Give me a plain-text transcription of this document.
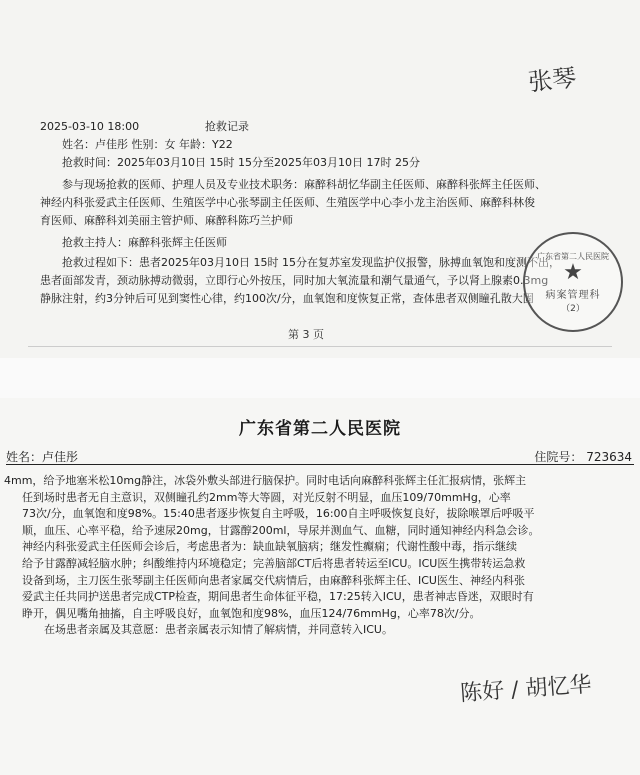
张琴
2025-03-10 18:00	抢救记录
姓名：卢佳彤 性别：女 年龄：Y22
抢救时间：2025年03月10日 15时 15分至2025年03月10日 17时 25分
参与现场抢救的医师、护理人员及专业技术职务：麻醉科胡忆华副主任医师、麻醉科张辉主任医师、
神经内科张爱武主任医师、生殖医学中心张琴副主任医师、生殖医学中心李小龙主治医师、麻醉科林俊
育医师、麻醉科刘美丽主管护师、麻醉科陈巧兰护师
抢救主持人：麻醉科张辉主任医师
抢救过程如下：患者2025年03月10日 15时 15分在复苏室发现监护仪报警，脉搏血氧饱和度测不出，
患者面部发青，颈动脉搏动微弱，立即行心外按压，同时加大氧流量和潮气量通气，予以肾上腺素0.3mg
静脉注射，约3分钟后可见到窦性心律，约100次/分，血氧饱和度恢复正常，查体患者双侧瞳孔散大固
广东省第二人民医院
★
病案管理科
（2）
第 3 页
广东省第二人民医院
姓名：卢佳彤	住院号： 723634

4mm，给予地塞米松10mg静注，冰袋外敷头部进行脑保护。同时电话向麻醉科张辉主任汇报病情，张辉主

任到场时患者无自主意识，双侧瞳孔约2mm等大等圆，对光反射不明显，血压109/70mmHg，心率

73次/分，血氧饱和度98%。15:40患者逐步恢复自主呼吸，16:00自主呼吸恢复良好，拔除喉罩后呼吸平

顺，血压、心率平稳，给予速尿20mg，甘露醇200ml，导尿并测血气、血糖，同时通知神经内科急会诊。

神经内科张爱武主任医师会诊后，考虑患者为：缺血缺氧脑病；继发性癫痫；代谢性酸中毒，指示继续

给予甘露醇减轻脑水肿；纠酸维持内环境稳定；完善脑部CT后将患者转运至ICU。ICU医生携带转运急救

设备到场，主刀医生张琴副主任医师向患者家属交代病情后，由麻醉科张辉主任、ICU医生、神经内科张

爱武主任共同护送患者完成CTP检查，期间患者生命体征平稳，17:25转入ICU，患者神志昏迷，双眼时有

睁开，偶见嘴角抽搐，自主呼吸良好，血氧饱和度98%，血压124/76mmHg，心率78次/分。

在场患者亲属及其意愿：患者亲属表示知情了解病情，并同意转入ICU。

陈好 / 胡忆华
